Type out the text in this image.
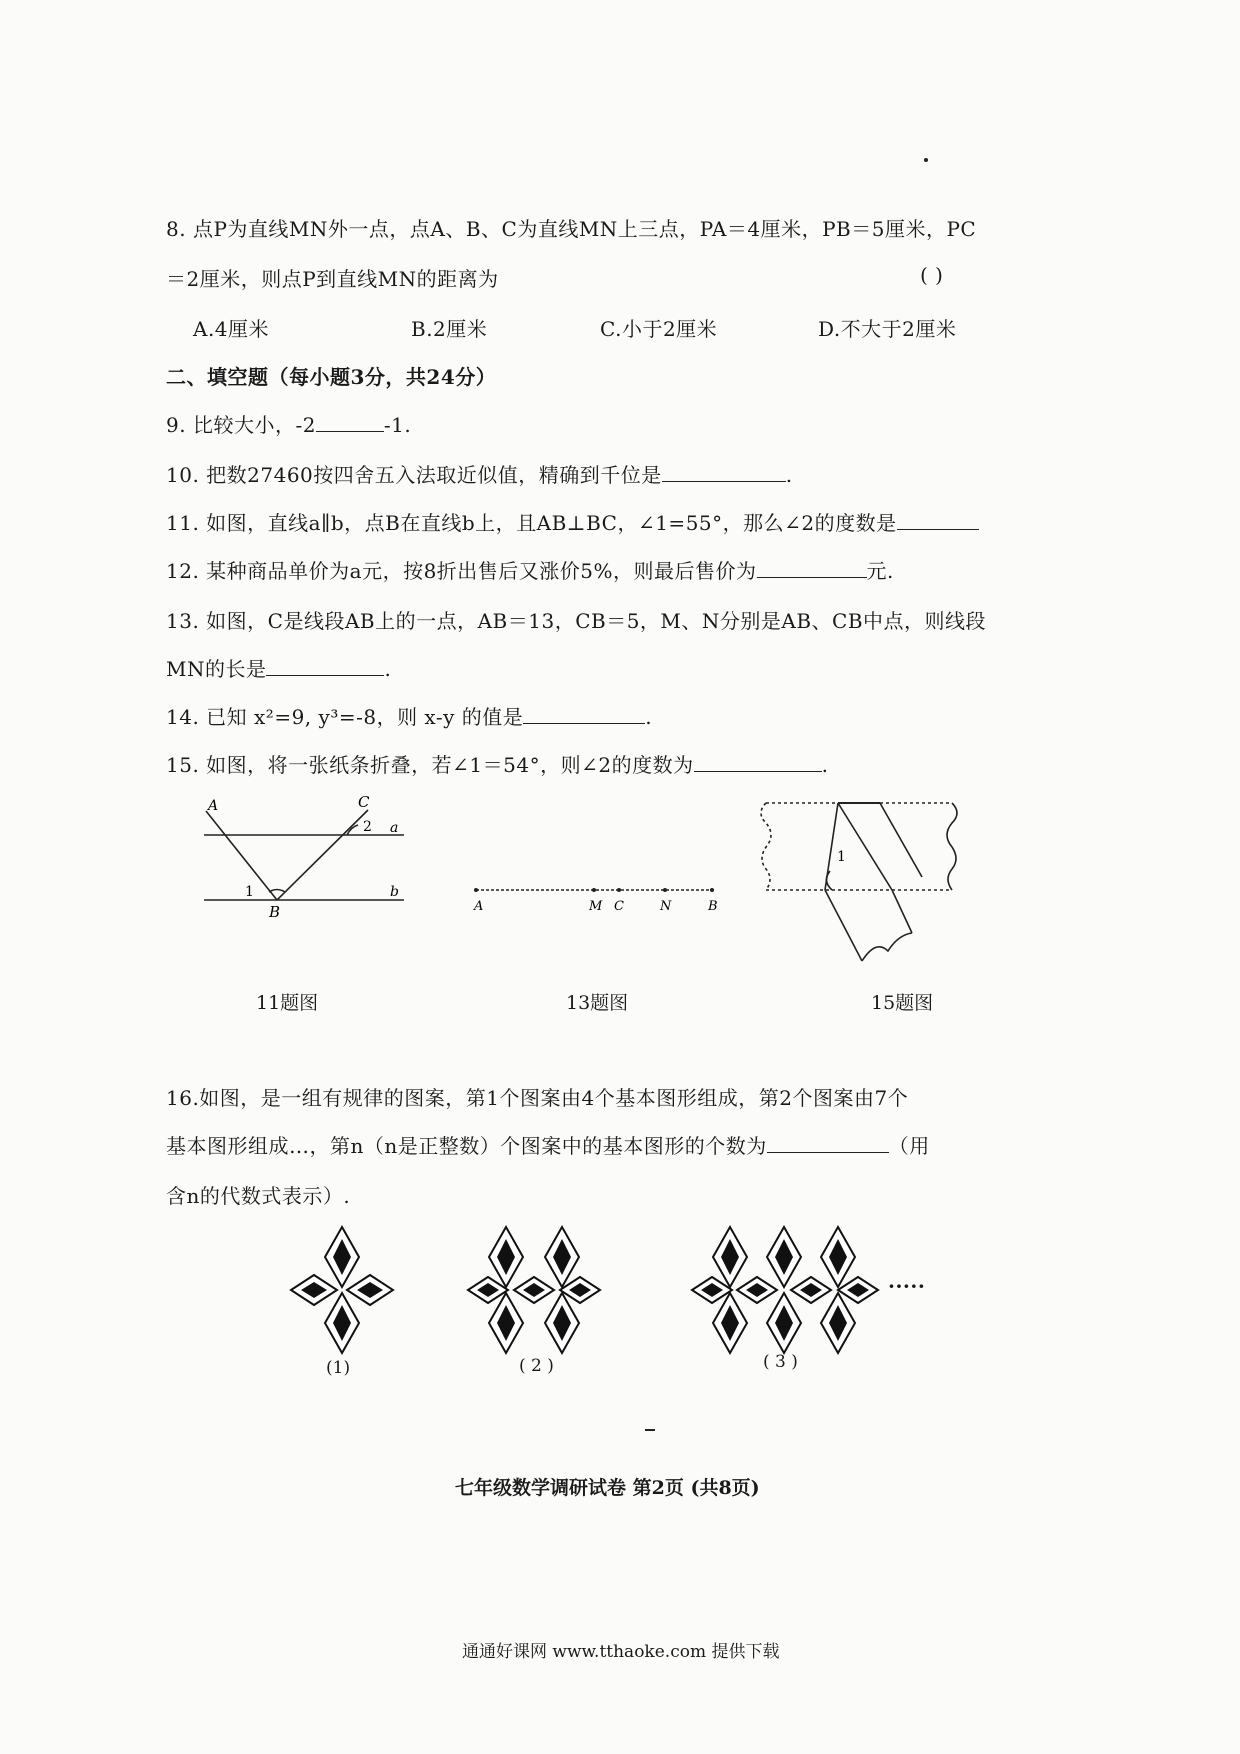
8. 点P为直线MN外一点，点A、B、C为直线MN上三点，PA＝4厘米，PB＝5厘米，PC
＝2厘米，则点P到直线MN的距离为	( )
A.4厘米	B.2厘米	C.小于2厘米	D.不大于2厘米
二、填空题（每小题3分，共24分）
9. 比较大小，-2	-1.
10. 把数27460按四舍五入法取近似值，精确到千位是	.
11. 如图，直线a∥b，点B在直线b上，且AB⊥BC，∠1=55°，那么∠2的度数是
12. 某种商品单价为a元，按8折出售后又涨价5%，则最后售价为	元.
13. 如图，C是线段AB上的一点，AB＝13，CB＝5，M、N分别是AB、CB中点，则线段
MN的长是	.
14. 已知 x²=9, y³=-8，则 x-y 的值是	.
15. 如图，将一张纸条折叠，若∠1＝54°，则∠2的度数为	.
A	C
2 a
1	b
B
11题图
A	M C	N	B
13题图
1
15题图
16.如图，是一组有规律的图案，第1个图案由4个基本图形组成，第2个图案由7个
基本图形组成…，第n（n是正整数）个图案中的基本图形的个数为	（用
含n的代数式表示）.
·····
(1)	( 2 )	( 3 )
七年级数学调研试卷 第2页 (共8页)
通通好课网 www.tthaoke.com 提供下载
